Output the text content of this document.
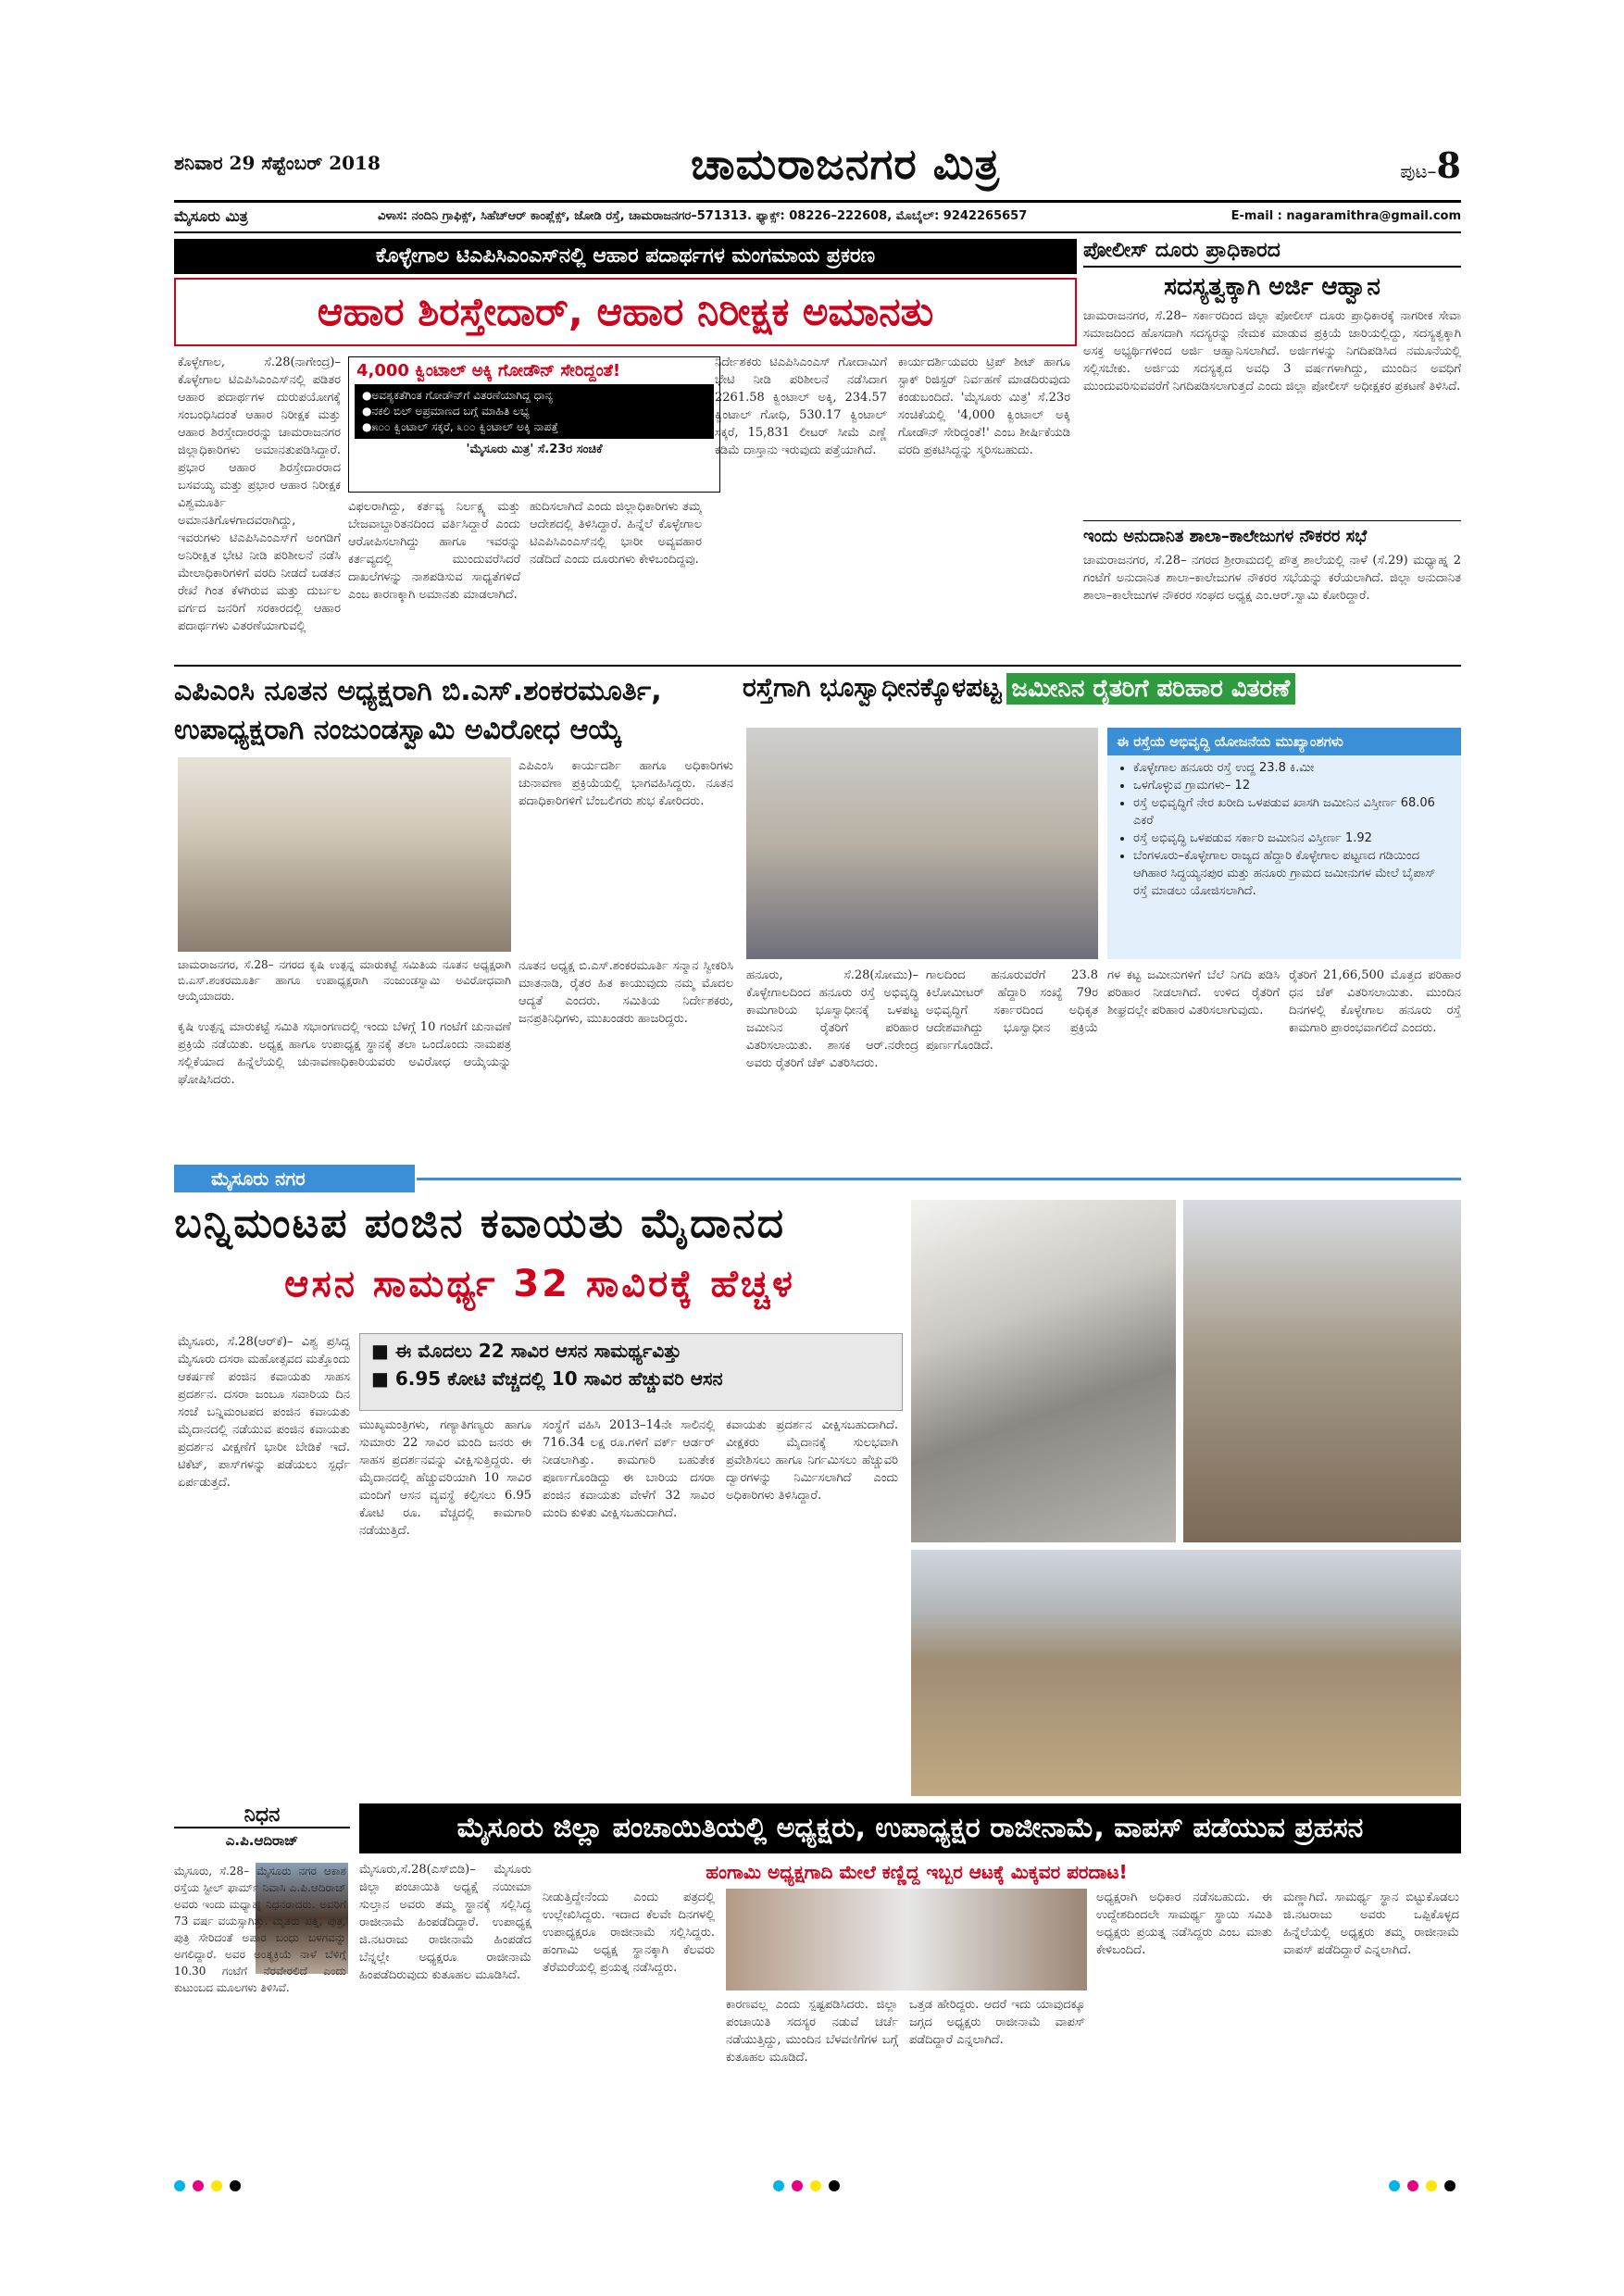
ಶನಿವಾರ 29 ಸೆಪ್ಟೆಂಬರ್ 2018	ಚಾಮರಾಜನಗರ ಮಿತ್ರ	ಪುಟ–8
ಮೈಸೂರು ಮಿತ್ರ	ವಿಳಾಸ: ನಂದಿನಿ ಗ್ರಾಫಿಕ್ಸ್, ಸಿಹೆಚ್‌ಆರ್ ಕಾಂಪ್ಲೆಕ್ಸ್, ಜೋಡಿ ರಸ್ತೆ, ಚಾಮರಾಜನಗರ–571313. ಫ್ಯಾಕ್ಸ್: 08226–222608, ಮೊಬೈಲ್: 9242265657	E-mail : nagaramithra@gmail.com
ಕೊಳ್ಳೇಗಾಲ ಟಿಎಪಿಸಿಎಂಎಸ್‌ನಲ್ಲಿ ಆಹಾರ ಪದಾರ್ಥಗಳ ಮಂಗಮಾಯ ಪ್ರಕರಣ
ಆಹಾರ ಶಿರಸ್ತೇದಾರ್, ಆಹಾರ ನಿರೀಕ್ಷಕ ಅಮಾನತು
ಕೊಳ್ಳೇಗಾಲ, ಸೆ.28(ನಾಗೇಂದ್ರ)– ಕೊಳ್ಳೇಗಾಲ ಟಿಎಪಿಸಿಎಂಎಸ್‌ನಲ್ಲಿ ಪಡಿತರ ಆಹಾರ ಪದಾರ್ಥಗಳ ದುರುಪಯೋಗಕ್ಕೆ ಸಂಬಂಧಿಸಿದಂತೆ ಆಹಾರ ನಿರೀಕ್ಷಕ ಮತ್ತು ಆಹಾರ ಶಿರಸ್ತೇದಾರರನ್ನು ಚಾಮರಾಜನಗರ ಜಿಲ್ಲಾಧಿಕಾರಿಗಳು ಅಮಾನತುಪಡಿಸಿದ್ದಾರೆ. ಪ್ರಭಾರ ಆಹಾರ ಶಿರಸ್ತೇದಾರರಾದ ಬಸವಯ್ಯ ಮತ್ತು ಪ್ರಭಾರ ಆಹಾರ ನಿರೀಕ್ಷಕ ವಿಶ್ವಮೂರ್ತಿ ಅಮಾನತಿಗೊಳಗಾದವರಾಗಿದ್ದು, ಇವರುಗಳು ಟಿಎಪಿಸಿಎಂಎಸ್‌ಗೆ ಅಂಗಡಿಗೆ ಅನಿರೀಕ್ಷಿತ ಭೇಟಿ ನೀಡಿ ಪರಿಶೀಲನೆ ನಡೆಸಿ ಮೇಲಾಧಿಕಾರಿಗಳಿಗೆ ವರದಿ ನೀಡದೆ ಬಡತನ ರೇಖೆ ಗಿಂತ ಕೆಳಗಿರುವ ಮತ್ತು ದುರ್ಬಲ ವರ್ಗದ ಜನರಿಗೆ ಸರಕಾರದಲ್ಲಿ ಆಹಾರ ಪದಾರ್ಥಗಳು ವಿತರಣೆಯಾಗುವಲ್ಲಿ
4,000 ಕ್ವಿಂಟಾಲ್ ಅಕ್ಕಿ ಗೋಡೌನ್ ಸೇರಿದ್ದಂತೆ!
●ಅವಶ್ಯಕತೆಗಿಂತ ಗೋಡೌನ್‌ಗೆ ವಿತರಣೆಯಾಗಿದ್ದ ಧಾನ್ಯ
●ನಕಲಿ ಬಿಲ್‌ ಅಪ್ರಮಾಣದ ಬಗ್ಗೆ ಮಾಹಿತಿ ಲಭ್ಯ
●೫೦೦ ಕ್ವಿಂಟಾಲ್ ಸಕ್ಕರೆ, ೩೦೦ ಕ್ವಿಂಟಾಲ್ ಅಕ್ಕಿ ನಾಪತ್ತೆ
'ಮೈಸೂರು ಮಿತ್ರ' ಸೆ.23ರ ಸಂಚಿಕೆ
ವಿಫಲರಾಗಿದ್ದು, ಕರ್ತವ್ಯ ನಿರ್ಲಕ್ಷ್ಯ ಮತ್ತು ಬೇಜವಾಬ್ದಾರಿತನದಿಂದ ವರ್ತಿಸಿದ್ದಾರೆ ಎಂದು ಆರೋಪಿಸಲಾಗಿದ್ದು ಹಾಗೂ ಇವರನ್ನು ಕರ್ತವ್ಯದಲ್ಲಿ ಮುಂದುವರೆಸಿದರೆ ದಾಖಲೆಗಳನ್ನು ನಾಶಪಡಿಸುವ ಸಾಧ್ಯತೆಗಳಿದೆ ಎಂಬ ಕಾರಣಕ್ಕಾಗಿ ಅಮಾನತು ಮಾಡಲಾಗಿದೆ.
ಹುದಿಸಲಾಗಿದೆ ಎಂದು ಜಿಲ್ಲಾಧಿಕಾರಿಗಳು ತಮ್ಮ ಆದೇಶದಲ್ಲಿ ತಿಳಿಸಿದ್ದಾರೆ. ಹಿನ್ನೆಲೆ ಕೊಳ್ಳೇಗಾಲ ಟಿಎಪಿಸಿಎಂಎಸ್‌ನಲ್ಲಿ ಭಾರೀ ಅವ್ಯವಹಾರ ನಡೆದಿದೆ ಎಂದು ದೂರುಗಳು ಕೇಳಿಬಂದಿದ್ದವು.
ನಿರ್ದೇಶಕರು ಟಿಎಪಿಸಿಎಂಎಸ್ ಗೋದಾಮಿಗೆ ಭೇಟಿ ನೀಡಿ ಪರಿಶೀಲನೆ ನಡೆಸಿದಾಗ 2261.58 ಕ್ವಿಂಟಾಲ್ ಅಕ್ಕಿ, 234.57 ಕ್ವಿಂಟಾಲ್ ಗೋಧಿ, 530.17 ಕ್ವಿಂಟಾಲ್ ಸಕ್ಕರೆ, 15,831 ಲೀಟರ್ ಸೀಮೆ ಎಣ್ಣೆ ಕಡಿಮೆ ದಾಸ್ತಾನು ಇರುವುದು ಪತ್ತೆಯಾಗಿದೆ.
ಕಾರ್ಯದರ್ಶಿಯವರು ಟ್ರಿಪ್ ಶೀಟ್ ಹಾಗೂ ಸ್ಟಾಕ್ ರಿಜಿಸ್ಟರ್ ನಿರ್ವಹಣೆ ಮಾಡದಿರುವುದು ಕಂಡುಬಂದಿದೆ. 'ಮೈಸೂರು ಮಿತ್ರ' ಸೆ.23ರ ಸಂಚಿಕೆಯಲ್ಲಿ '4,000 ಕ್ವಿಂಟಾಲ್ ಅಕ್ಕಿ ಗೋಡೌನ್ ಸೇರಿದ್ದಂತೆ!' ಎಂಬ ಶೀರ್ಷಿಕೆಯಡಿ ವರದಿ ಪ್ರಕಟಿಸಿದ್ದನ್ನು ಸ್ಮರಿಸಬಹುದು.
ಪೋಲೀಸ್ ದೂರು ಪ್ರಾಧಿಕಾರದ
ಸದಸ್ಯತ್ವಕ್ಕಾಗಿ ಅರ್ಜಿ ಆಹ್ವಾನ
ಚಾಮರಾಜನಗರ, ಸೆ.28– ಸರ್ಕಾರದಿಂದ ಜಿಲ್ಲಾ ಪೋಲೀಸ್ ದೂರು ಪ್ರಾಧಿಕಾರಕ್ಕೆ ನಾಗರೀಕ ಸೇವಾ ಸಮಾಜದಿಂದ ಹೊಸದಾಗಿ ಸದಸ್ಯರನ್ನು ನೇಮಕ ಮಾಡುವ ಪ್ರಕ್ರಿಯೆ ಜಾರಿಯಲ್ಲಿದ್ದು, ಸದಸ್ಯತ್ವಕ್ಕಾಗಿ ಅಸಕ್ತ ಅಭ್ಯರ್ಥಿಗಳಿಂದ ಅರ್ಜಿ ಆಹ್ವಾನಿಸಲಾಗಿದೆ. ಅರ್ಜಿಗಳನ್ನು ನಿಗದಿಪಡಿಸಿದ ನಮೂನೆಯಲ್ಲಿ ಸಲ್ಲಿಸಬೇಕು. ಅರ್ಜಿಯ ಸದಸ್ಯತ್ವದ ಅವಧಿ 3 ವರ್ಷಗಳಾಗಿದ್ದು, ಮುಂದಿನ ಅವಧಿಗೆ ಮುಂದುವರಿಸುವವರೆಗೆ ನಿಗದಿಪಡಿಸಲಾಗುತ್ತದೆ ಎಂದು ಜಿಲ್ಲಾ ಪೋಲೀಸ್ ಅಧೀಕ್ಷಕರ ಪ್ರಕಟಣೆ ತಿಳಿಸಿದೆ.
ಇಂದು ಅನುದಾನಿತ ಶಾಲಾ–ಕಾಲೇಜುಗಳ ನೌಕರರ ಸಭೆ
ಚಾಮರಾಜನಗರ, ಸೆ.28– ನಗರದ ಶ್ರೀರಾಮದಲ್ಲಿ ಪೌತ್ತ ಶಾಲೆಯಲ್ಲಿ ನಾಳೆ (ಸೆ.29) ಮಧ್ಯಾಹ್ನ 2 ಗಂಟೆಗೆ ಅನುದಾನಿತ ಶಾಲಾ–ಕಾಲೇಜುಗಳ ನೌಕರರ ಸಭೆಯನ್ನು ಕರೆಯಲಾಗಿದೆ. ಜಿಲ್ಲಾ ಅನುದಾನಿತ ಶಾಲಾ–ಕಾಲೇಜುಗಳ ನೌಕರರ ಸಂಘದ ಅಧ್ಯಕ್ಷ ಎಂ.ಆರ್.ಸ್ವಾಮಿ ಕೋರಿದ್ದಾರೆ.
ಎಪಿಎಂಸಿ ನೂತನ ಅಧ್ಯಕ್ಷರಾಗಿ ಬಿ.ಎಸ್.ಶಂಕರಮೂರ್ತಿ, ಉಪಾಧ್ಯಕ್ಷರಾಗಿ ನಂಜುಂಡಸ್ವಾಮಿ ಅವಿರೋಧ ಆಯ್ಕೆ
ಎಪಿಎಂಸಿ ಕಾರ್ಯದರ್ಶಿ ಹಾಗೂ ಅಧಿಕಾರಿಗಳು ಚುನಾವಣಾ ಪ್ರಕ್ರಿಯೆಯಲ್ಲಿ ಭಾಗವಹಿಸಿದ್ದರು. ನೂತನ ಪದಾಧಿಕಾರಿಗಳಿಗೆ ಬೆಂಬಲಿಗರು ಶುಭ ಕೋರಿದರು.
ಚಾಮರಾಜನಗರ, ಸೆ.28– ನಗರದ ಕೃಷಿ ಉತ್ಪನ್ನ ಮಾರುಕಟ್ಟೆ ಸಮಿತಿಯ ನೂತನ ಅಧ್ಯಕ್ಷರಾಗಿ ಬಿ.ಎಸ್.ಶಂಕರಮೂರ್ತಿ ಹಾಗೂ ಉಪಾಧ್ಯಕ್ಷರಾಗಿ ನಂಜುಂಡಸ್ವಾಮಿ ಅವಿರೋಧವಾಗಿ ಆಯ್ಕೆಯಾದರು.
ಕೃಷಿ ಉತ್ಪನ್ನ ಮಾರುಕಟ್ಟೆ ಸಮಿತಿ ಸಭಾಂಗಣದಲ್ಲಿ ಇಂದು ಬೆಳಗ್ಗೆ 10 ಗಂಟೆಗೆ ಚುನಾವಣೆ ಪ್ರಕ್ರಿಯೆ ನಡೆಯಿತು. ಅಧ್ಯಕ್ಷ ಹಾಗೂ ಉಪಾಧ್ಯಕ್ಷ ಸ್ಥಾನಕ್ಕೆ ತಲಾ ಒಂದೊಂದು ನಾಮಪತ್ರ ಸಲ್ಲಿಕೆಯಾದ ಹಿನ್ನೆಲೆಯಲ್ಲಿ ಚುನಾವಣಾಧಿಕಾರಿಯವರು ಅವಿರೋಧ ಆಯ್ಕೆಯನ್ನು ಘೋಷಿಸಿದರು.
ನೂತನ ಅಧ್ಯಕ್ಷ ಬಿ.ಎಸ್.ಶಂಕರಮೂರ್ತಿ ಸನ್ಮಾನ ಸ್ವೀಕರಿಸಿ ಮಾತನಾಡಿ, ರೈತರ ಹಿತ ಕಾಯುವುದು ನಮ್ಮ ಮೊದಲ ಆದ್ಯತೆ ಎಂದರು. ಸಮಿತಿಯ ನಿರ್ದೇಶಕರು, ಜನಪ್ರತಿನಿಧಿಗಳು, ಮುಖಂಡರು ಹಾಜರಿದ್ದರು.
ರಸ್ತೆಗಾಗಿ ಭೂಸ್ವಾಧೀನಕ್ಕೊಳಪಟ್ಟ ಜಮೀನಿನ ರೈತರಿಗೆ ಪರಿಹಾರ ವಿತರಣೆ
ಈ ರಸ್ತೆಯ ಅಭಿವೃದ್ಧಿ ಯೋಜನೆಯ ಮುಖ್ಯಾಂಶಗಳು
• ಕೊಳ್ಳೇಗಾಲ ಹನೂರು ರಸ್ತೆ ಉದ್ದ 23.8 ಕಿ.ಮೀ
• ಒಳಗೊಳ್ಳುವ ಗ್ರಾಮಗಳು– 12
• ರಸ್ತೆ ಅಭಿವೃದ್ಧಿಗೆ ನೇರ ಖರೀದಿ ಒಳಪಡುವ ಖಾಸಗಿ ಜಮೀನಿನ ವಿಸ್ತೀರ್ಣ 68.06 ಎಕರೆ
• ರಸ್ತೆ ಅಭಿವೃದ್ಧಿ ಒಳಪಡುವ ಸರ್ಕಾರಿ ಜಮೀನಿನ ವಿಸ್ತೀರ್ಣ 1.92
• ಬೆಂಗಳೂರು–ಕೊಳ್ಳೇಗಾಲ ರಾಜ್ಯದ ಹೆದ್ದಾರಿ ಕೊಳ್ಳೇಗಾಲ ಪಟ್ಟಣದ ಗಡಿಯಿಂದ ಆಗಿಹಾರ ಸಿದ್ಧಯ್ಯನಪುರ ಮತ್ತು ಹನೂರು ಗ್ರಾಮದ ಜಮೀನುಗಳ ಮೇಲೆ ಬೈಪಾಸ್ ರಸ್ತೆ ಮಾಡಲು ಯೋಜಿಸಲಾಗಿದೆ.
ಹನೂರು, ಸೆ.28(ಸೋಮು)– ಕೊಳ್ಳೇಗಾಲದಿಂದ ಹನೂರು ರಸ್ತೆ ಅಭಿವೃದ್ಧಿ ಕಾಮಗಾರಿಯ ಭೂಸ್ವಾಧೀನಕ್ಕೆ ಒಳಪಟ್ಟ ಜಮೀನಿನ ರೈತರಿಗೆ ಪರಿಹಾರ ವಿತರಿಸಲಾಯಿತು. ಶಾಸಕ ಆರ್.ನರೇಂದ್ರ ಅವರು ರೈತರಿಗೆ ಚೆಕ್ ವಿತರಿಸಿದರು.
ಗಾಲದಿಂದ ಹನೂರುವರೆಗೆ 23.8 ಕಿಲೋಮೀಟರ್ ಹೆದ್ದಾರಿ ಸಂಖ್ಯೆ 79ರ ಅಭಿವೃದ್ಧಿಗೆ ಸರ್ಕಾರದಿಂದ ಅಧಿಕೃತ ಆದೇಶವಾಗಿದ್ದು ಭೂಸ್ವಾಧೀನ ಪ್ರಕ್ರಿಯೆ ಪೂರ್ಣಗೊಂಡಿದೆ.
ಗಳ ಕಟ್ಟ ಜಮೀನುಗಳಿಗೆ ಬೆಲೆ ನಿಗದಿ ಪಡಿಸಿ ಪರಿಹಾರ ನೀಡಲಾಗಿದೆ. ಉಳಿದ ರೈತರಿಗೆ ಶೀಘ್ರದಲ್ಲೇ ಪರಿಹಾರ ವಿತರಿಸಲಾಗುವುದು.
ರೈತರಿಗೆ 21,66,500 ಮೊತ್ತದ ಪರಿಹಾರ ಧನ ಚೆಕ್ ವಿತರಿಸಲಾಯಿತು. ಮುಂದಿನ ದಿನಗಳಲ್ಲಿ ಕೊಳ್ಳೇಗಾಲ ಹನೂರು ರಸ್ತೆ ಕಾಮಗಾರಿ ಪ್ರಾರಂಭವಾಗಲಿದೆ ಎಂದರು.
ಮೈಸೂರು ನಗರ
ಬನ್ನಿಮಂಟಪ ಪಂಜಿನ ಕವಾಯತು ಮೈದಾನದ
ಆಸನ ಸಾಮರ್ಥ್ಯ 32 ಸಾವಿರಕ್ಕೆ ಹೆಚ್ಚಳ
ಮೈಸೂರು, ಸೆ.28(ಆರ್‌ಕೆ)– ವಿಶ್ವ ಪ್ರಸಿದ್ಧ ಮೈಸೂರು ದಸರಾ ಮಹೋತ್ಸವದ ಮತ್ತೊಂದು ಆಕರ್ಷಣೆ ಪಂಜಿನ ಕವಾಯತು ಸಾಹಸ ಪ್ರದರ್ಶನ. ದಸರಾ ಜಂಬೂ ಸವಾರಿಯ ದಿನ ಸಂಜೆ ಬನ್ನಿಮಂಟಪದ ಪಂಜಿನ ಕವಾಯತು ಮೈದಾನದಲ್ಲಿ ನಡೆಯುವ ಪಂಜಿನ ಕವಾಯತು ಪ್ರದರ್ಶನ ವೀಕ್ಷಣೆಗೆ ಭಾರೀ ಬೇಡಿಕೆ ಇದೆ. ಟಿಕೆಟ್, ಪಾಸ್‌ಗಳನ್ನು ಪಡೆಯಲು ಸ್ಪರ್ಧೆ ಏರ್ಪಡುತ್ತದೆ.
■ ಈ ಮೊದಲು 22 ಸಾವಿರ ಆಸನ ಸಾಮರ್ಥ್ಯವಿತ್ತು
■ 6.95 ಕೋಟಿ ವೆಚ್ಚದಲ್ಲಿ 10 ಸಾವಿರ ಹೆಚ್ಚುವರಿ ಆಸನ
ಮುಖ್ಯಮಂತ್ರಿಗಳು, ಗಣ್ಯಾತಿಗಣ್ಯರು ಹಾಗೂ ಸುಮಾರು 22 ಸಾವಿರ ಮಂದಿ ಜನರು ಈ ಸಾಹಸ ಪ್ರದರ್ಶನವನ್ನು ವೀಕ್ಷಿಸುತ್ತಿದ್ದರು. ಈ ಮೈದಾನದಲ್ಲಿ ಹೆಚ್ಚುವರಿಯಾಗಿ 10 ಸಾವಿರ ಮಂದಿಗೆ ಆಸನ ವ್ಯವಸ್ಥೆ ಕಲ್ಪಿಸಲು 6.95 ಕೋಟಿ ರೂ. ವೆಚ್ಚದಲ್ಲಿ ಕಾಮಗಾರಿ ನಡೆಯುತ್ತಿದೆ.
ಸಂಸ್ಥೆಗೆ ವಹಿಸಿ 2013–14ನೇ ಸಾಲಿನಲ್ಲಿ 716.34 ಲಕ್ಷ ರೂ.ಗಳಿಗೆ ವರ್ಕ್ ಆರ್ಡರ್ ನೀಡಲಾಗಿತ್ತು. ಕಾಮಗಾರಿ ಬಹುತೇಕ ಪೂರ್ಣಗೊಂಡಿದ್ದು ಈ ಬಾರಿಯ ದಸರಾ ಪಂಜಿನ ಕವಾಯತು ವೇಳೆಗೆ 32 ಸಾವಿರ ಮಂದಿ ಕುಳಿತು ವೀಕ್ಷಿಸಬಹುದಾಗಿದೆ.
ಕವಾಯತು ಪ್ರದರ್ಶನ ವೀಕ್ಷಿಸಬಹುದಾಗಿದೆ. ವೀಕ್ಷಕರು ಮೈದಾನಕ್ಕೆ ಸುಲಭವಾಗಿ ಪ್ರವೇಶಿಸಲು ಹಾಗೂ ನಿರ್ಗಮಿಸಲು ಹೆಚ್ಚುವರಿ ದ್ವಾರಗಳನ್ನು ನಿರ್ಮಿಸಲಾಗಿದೆ ಎಂದು ಅಧಿಕಾರಿಗಳು ತಿಳಿಸಿದ್ದಾರೆ.
ನಿಧನ
ಎ.ಪಿ.ಆದಿರಾಜ್
ಮೈಸೂರು, ಸೆ.28– ಮೈಸೂರು ನಗರ ಆಕಾಶ ರಸ್ತೆಯ ಸ್ಟೀಲ್ ಫಾರ್ಮ್ ನಿವಾಸಿ ಎ.ಪಿ.ಆದಿರಾಜ್ ಅವರು ಇಂದು ಮಧ್ಯಾಹ್ನ ನಿಧನರಾದರು. ಅವರಿಗೆ 73 ವರ್ಷ ವಯಸ್ಸಾಗಿತ್ತು. ಮೃತರು ಪತ್ನಿ, ಪುತ್ರ, ಪುತ್ರಿ ಸೇರಿದಂತೆ ಅಪಾರ ಬಂಧು ಬಳಗವನ್ನು ಅಗಲಿದ್ದಾರೆ. ಅವರ ಅಂತ್ಯಕ್ರಿಯೆ ನಾಳೆ ಬೆಳಿಗ್ಗೆ 10.30 ಗಂಟೆಗೆ ನೆರವೇರಲಿದೆ ಎಂದು ಕುಟುಂಬದ ಮೂಲಗಳು ತಿಳಿಸಿವೆ.
ಮೈಸೂರು ಜಿಲ್ಲಾ ಪಂಚಾಯಿತಿಯಲ್ಲಿ ಅಧ್ಯಕ್ಷರು, ಉಪಾಧ್ಯಕ್ಷರ ರಾಜೀನಾಮೆ, ವಾಪಸ್ ಪಡೆಯುವ ಪ್ರಹಸನ
ಹಂಗಾಮಿ ಅಧ್ಯಕ್ಷಗಾದಿ ಮೇಲೆ ಕಣ್ಣಿದ್ದ ಇಬ್ಬರ ಆಟಕ್ಕೆ ಮಿಕ್ಕವರ ಪರದಾಟ!
ಮೈಸೂರು,ಸೆ.28(ಎಸ್‌ಬಿಡಿ)– ಮೈಸೂರು ಜಿಲ್ಲಾ ಪಂಚಾಯಿತಿ ಅಧ್ಯಕ್ಷೆ ನಯೀಮಾ ಸುಲ್ತಾನ ಅವರು ತಮ್ಮ ಸ್ಥಾನಕ್ಕೆ ಸಲ್ಲಿಸಿದ್ದ ರಾಜೀನಾಮೆ ಹಿಂಪಡೆದಿದ್ದಾರೆ. ಉಪಾಧ್ಯಕ್ಷ ಜಿ.ನಟರಾಜು ರಾಜೀನಾಮೆ ಹಿಂಪಡೆದ ಬೆನ್ನಲ್ಲೇ ಅಧ್ಯಕ್ಷರೂ ರಾಜೀನಾಮೆ ಹಿಂಪಡೆದಿರುವುದು ಕುತೂಹಲ ಮೂಡಿಸಿದೆ.
ನೀಡುತ್ತಿದ್ದೇನೆಂದು ಎಂದು ಪತ್ರದಲ್ಲಿ ಉಲ್ಲೇಖಿಸಿದ್ದರು. ಇದಾದ ಕೆಲವೇ ದಿನಗಳಲ್ಲಿ ಉಪಾಧ್ಯಕ್ಷರೂ ರಾಜೀನಾಮೆ ಸಲ್ಲಿಸಿದ್ದರು. ಹಂಗಾಮಿ ಅಧ್ಯಕ್ಷ ಸ್ಥಾನಕ್ಕಾಗಿ ಕೆಲವರು ತೆರೆಮರೆಯಲ್ಲಿ ಪ್ರಯತ್ನ ನಡೆಸಿದ್ದರು.
ಕಾರಣವಲ್ಲ ಎಂದು ಸ್ಪಷ್ಟಪಡಿಸಿದರು. ಜಿಲ್ಲಾ ಪಂಚಾಯಿತಿ ಸದಸ್ಯರ ನಡುವೆ ಚರ್ಚೆ ನಡೆಯುತ್ತಿದ್ದು, ಮುಂದಿನ ಬೆಳವಣಿಗೆಗಳ ಬಗ್ಗೆ ಕುತೂಹಲ ಮೂಡಿದೆ.
ಒತ್ತಡ ಹೇರಿದ್ದರು. ಆದರೆ ಇದು ಯಾವುದಕ್ಕೂ ಜಗ್ಗದ ಅಧ್ಯಕ್ಷರು ರಾಜೀನಾಮೆ ವಾಪಸ್ ಪಡೆದಿದ್ದಾರೆ ಎನ್ನಲಾಗಿದೆ.
ಅಧ್ಯಕ್ಷರಾಗಿ ಅಧಿಕಾರ ನಡೆಸಬಹುದು. ಈ ಉದ್ದೇಶದಿಂದಲೇ ಸಾಮರ್ಥ್ಯ ಸ್ಥಾಯಿ ಸಮಿತಿ ಅಧ್ಯಕ್ಷರು ಪ್ರಯತ್ನ ನಡೆಸಿದ್ದರು ಎಂಬ ಮಾತು ಕೇಳಿಬಂದಿದೆ.
ಮಣ್ಣಾಗಿದೆ. ಸಾಮರ್ಥ್ಯ ಸ್ಥಾನ ಬಿಟ್ಟುಕೊಡಲು ಜಿ.ನಟರಾಜು ಅವರು ಒಪ್ಪಿಕೊಳ್ಳದ ಹಿನ್ನೆಲೆಯಲ್ಲಿ ಅಧ್ಯಕ್ಷರು ತಮ್ಮ ರಾಜೀನಾಮೆ ವಾಪಸ್ ಪಡೆದಿದ್ದಾರೆ ಎನ್ನಲಾಗಿದೆ.
